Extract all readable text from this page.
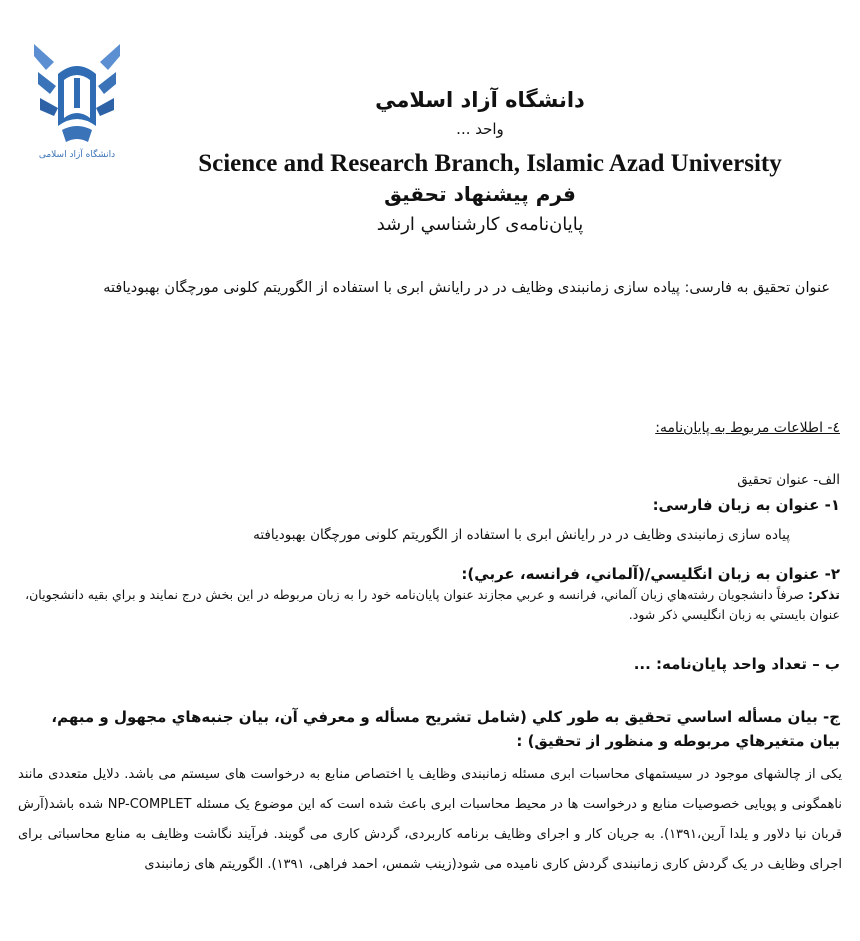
دانشگاه آزاد اسلامی
دانشگاه آزاد اسلامي
واحد ...
Science and Research Branch, Islamic Azad University
فرم پيشنهاد تحقيق
پايان‌نامه‌ی کارشناسي ارشد
عنوان تحقیق به فارسی: پیاده سازی زمانبندی وظایف در در رایانش ابری با استفاده از الگوریتم کلونی مورچگان بهبودیافته
٤- اطلاعات مربوط به پایان‌نامه:
الف- عنوان تحقيق
۱- عنوان به زبان فارسی:
پیاده سازی زمانبندی وظایف در در رایانش ابری با استفاده از الگوریتم کلونی مورچگان بهبودیافته
۲- عنوان به زبان انگليسي/(آلماني، فرانسه، عربي):
تذکر: صرفاً دانشجويان رشته‌هاي زبان آلماني، فرانسه و عربي مجازند عنوان پايان‌نامه خود را به زبان مربوطه در اين بخش درج نمايند و براي بقيه دانشجويان، عنوان بايستي به زبان انگليسي ذکر شود.
ب – تعداد واحد پايان‌نامه: ...
ج- بيان مسأله اساسي تحقيق به طور کلي (شامل تشريح مسأله و معرفي آن، بيان جنبه‌هاي مجهول و مبهم، بيان متغيرهاي مربوطه و منظور از تحقيق) :
یکی از چالشهای موجود در سیستمهای محاسبات ابری مسئله زمانبندی وظایف یا اختصاص منابع به درخواست های سیستم می باشد. دلایل متعددی مانند ناهمگونی و پویایی خصوصیات منابع و درخواست ها در محیط محاسبات ابری باعث شده است که این موضوع یک مسئله NP-COMPLET شده باشد(آرش قربان نیا دلاور و یلدا آرین،۱۳۹۱). به جریان کار و اجرای وظایف برنامه کاربردی، گردش کاری می گویند. فرآیند نگاشت وظایف به منابع محاسباتی برای اجرای وظایف در یک گردش کاری زمانبندی گردش کاری نامیده می شود(زینب شمس، احمد فراهی، ۱۳۹۱). الگوریتم های زمانبندی
